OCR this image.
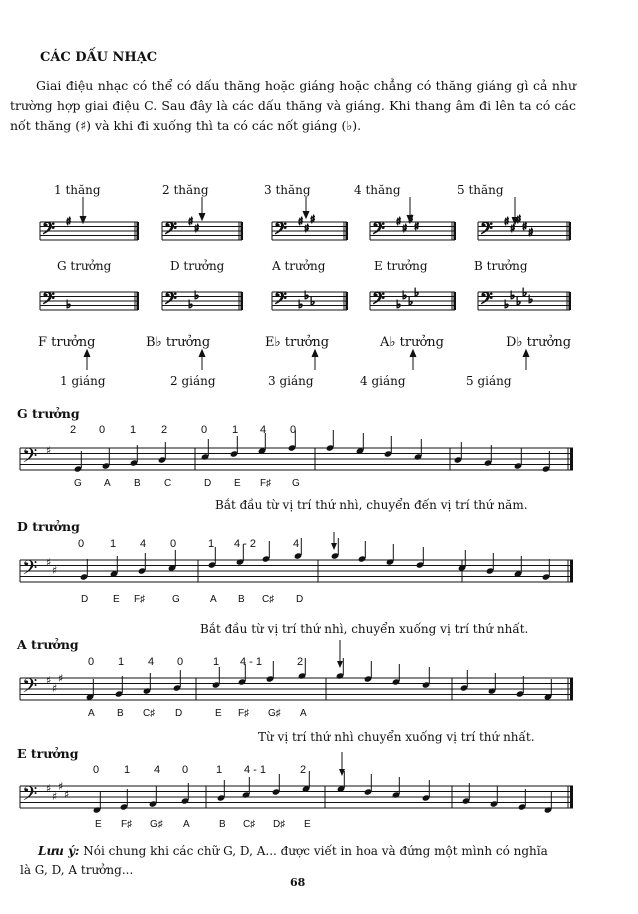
CÁC DẤU NHẠC
Giai điệu nhạc có thể có dấu thăng hoặc giáng hoặc chẳng có thăng giáng gì cả như trường hợp giai điệu C. Sau đây là các dấu thăng và giáng. Khi thang âm đi lên ta có các nốt thăng (♯) và khi đi xuống thì ta có các nốt giáng (♭).
1 thăng	2 thăng	3 thăng	4 thăng	5 thăng
𝄢 ♯	𝄢 ♯
♯	𝄢 ♯
♯
♯	𝄢 ♯
♯
♯
♯	𝄢 ♯
♯
♯
♯ ♯
G trưởng	D trưởng	A trưởng	E trưởng	B trưởng
𝄢 ♭	𝄢 ♭
♭	𝄢 ♭
♭ ♭	𝄢 ♭
♭ ♭
♭	𝄢 ♭
♭ ♭
♭
♭
F trưởng	B♭ trưởng	E♭ trưởng	A♭ trưởng	D♭ trưởng
1 giáng	2 giáng	3 giáng	4 giáng	5 giáng
G trưởng
2 0 1 2	0 1 4 0
𝄢 ♯
G A B C	D E F♯ G
Bắt đầu từ vị trí thứ nhì, chuyển đến vị trí thứ năm.
D trưởng
0 1 4 0	1 4 - 2	4
𝄢 ♯
♯
D E F♯	G	A B C♯ D
Bắt đầu từ vị trí thứ nhì, chuyển xuống vị trí thứ nhất.
A trưởng
0 1 4 0	1 4 - 1	2
𝄢 ♯
♯
♯
A B C♯ D	E F♯ G♯ A
Từ vị trí thứ nhì chuyển xuống vị trí thứ nhất.
E trưởng
0 1 4 0	1 4 - 1	2
𝄢 ♯
♯
♯
♯
E F♯ G♯ A	B C♯ D♯ E
Lưu ý: Nói chung khi các chữ G, D, A... được viết in hoa và đứng một mình có nghĩa là G, D, A trưởng...
68
